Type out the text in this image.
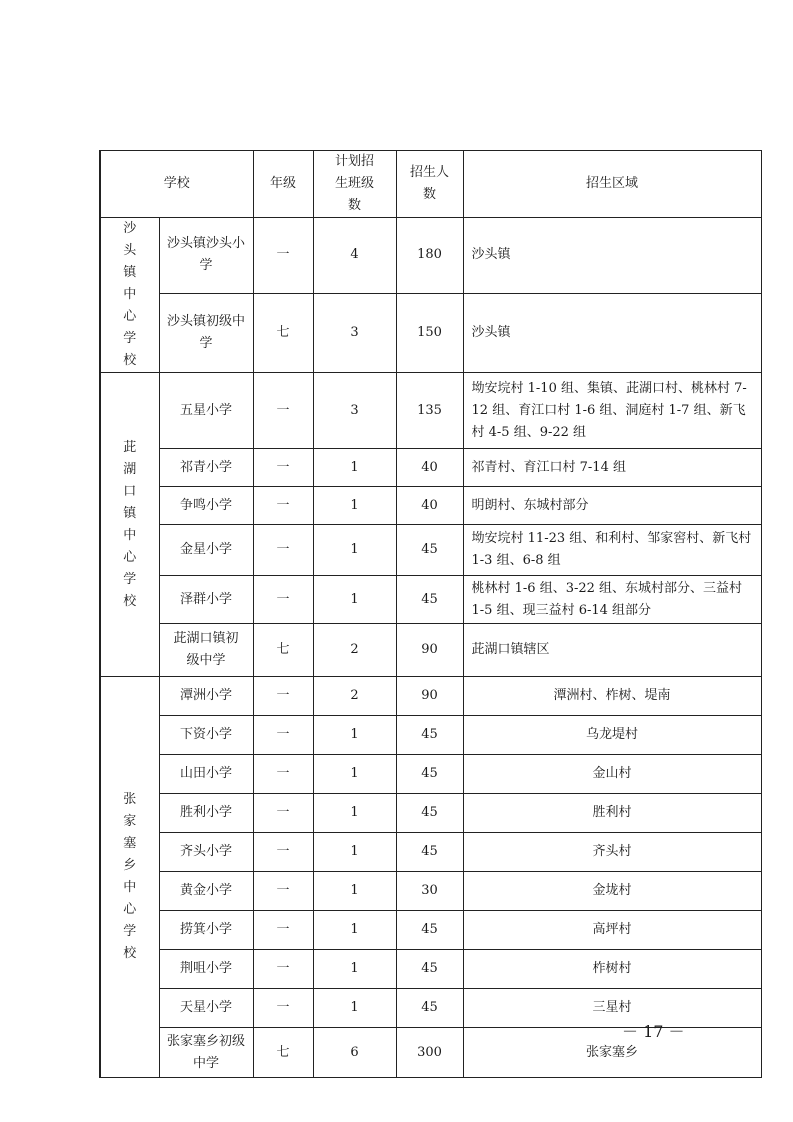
学校		年级	计划招生班级数	招生人数	招生区域
沙头镇中心学校	沙头镇沙头小学	一	4	180	沙头镇
	沙头镇初级中学	七	3	150	沙头镇
茈湖口镇中心学校	五星小学	一	3	135	坳安垸村 1-10 组、集镇、茈湖口村、桃林村 7-12 组、育江口村 1-6 组、洞庭村 1-7 组、新飞村 4-5 组、9-22 组
	祁青小学	一	1	40	祁青村、育江口村 7-14 组
	争鸣小学	一	1	40	明朗村、东城村部分
	金星小学	一	1	45	坳安垸村 11-23 组、和利村、邹家窖村、新飞村 1-3 组、6-8 组
	泽群小学	一	1	45	桃林村 1-6 组、3-22 组、东城村部分、三益村 1-5 组、现三益村 6-14 组部分
	茈湖口镇初级中学	七	2	90	茈湖口镇辖区
张家塞乡中心学校	潭洲小学	一	2	90	潭洲村、柞树、堤南
	下资小学	一	1	45	乌龙堤村
	山田小学	一	1	45	金山村
	胜利小学	一	1	45	胜利村
	齐头小学	一	1	45	齐头村
	黄金小学	一	1	30	金垅村
	捞箕小学	一	1	45	高坪村
	荆咀小学	一	1	45	柞树村
	天星小学	一	1	45	三星村
	张家塞乡初级中学	七	6	300	张家塞乡
－ 17 －
